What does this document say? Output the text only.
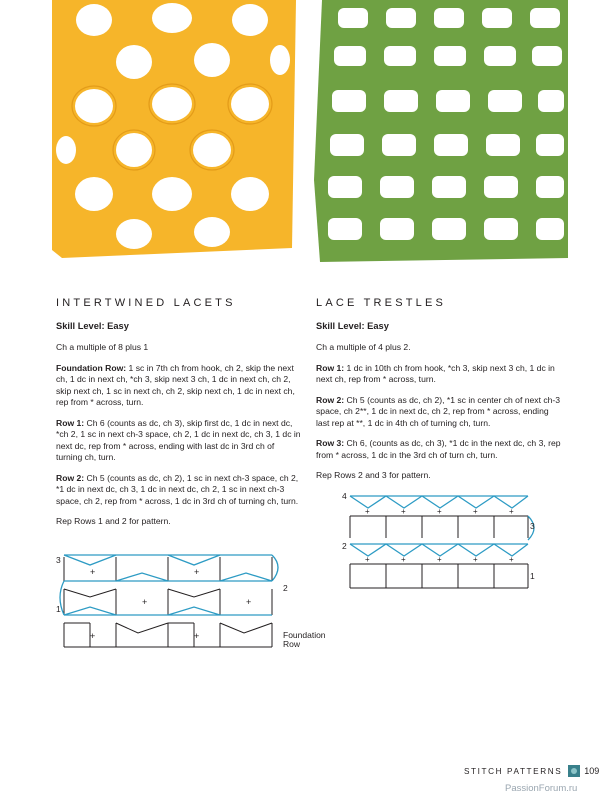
INTERTWINED LACETS
Skill Level: Easy

Ch a multiple of 8 plus 1

Foundation Row: 1 sc in 7th ch from hook, ch 2, skip the next ch, 1 dc in next ch, *ch 3, skip next 3 ch, 1 dc in next ch, ch 2, skip next ch, 1 sc in next ch, ch 2, skip next ch, 1 dc in next ch, rep from * across, turn.

Row 1: Ch 6 (counts as dc, ch 3), skip first dc, 1 dc in next dc, *ch 2, 1 sc in next ch-3 space, ch 2, 1 dc in next dc, ch 3, 1 dc in next dc, rep from * across, ending with last dc in 3rd ch of turning ch, turn.

Row 2: Ch 5 (counts as dc, ch 2), 1 sc in next ch-3 space, ch 2, *1 dc in next dc, ch 3, 1 dc in next dc, ch 2, 1 sc in next ch-3 space, ch 2, rep from * across, 1 dc in 3rd ch of turning ch, turn.

Rep Rows 1 and 2 for pattern.

LACE TRESTLES
Skill Level: Easy

Ch a multiple of 4 plus 2.

Row 1: 1 dc in 10th ch from hook, *ch 3, skip next 3 ch, 1 dc in next ch, rep from * across, turn.

Row 2: Ch 5 (counts as dc, ch 2), *1 sc in center ch of next ch-3 space, ch 2**, 1 dc in next dc, ch 2, rep from * across, ending last rep at **, 1 dc in 4th ch of turning ch, turn.

Row 3: Ch 6, (counts as dc, ch 3), *1 dc in the next dc, ch 3, rep from * across, 1 dc in the 3rd ch of turn ch, turn.

Rep Rows 2 and 3 for pattern.

+	+
+	+
+	+
3
2
1
Foundation
Row
+	+	+	+	+
+	+	+	+	+
4
3
2
1
STITCH PATTERNS 109
PassionForum.ru
